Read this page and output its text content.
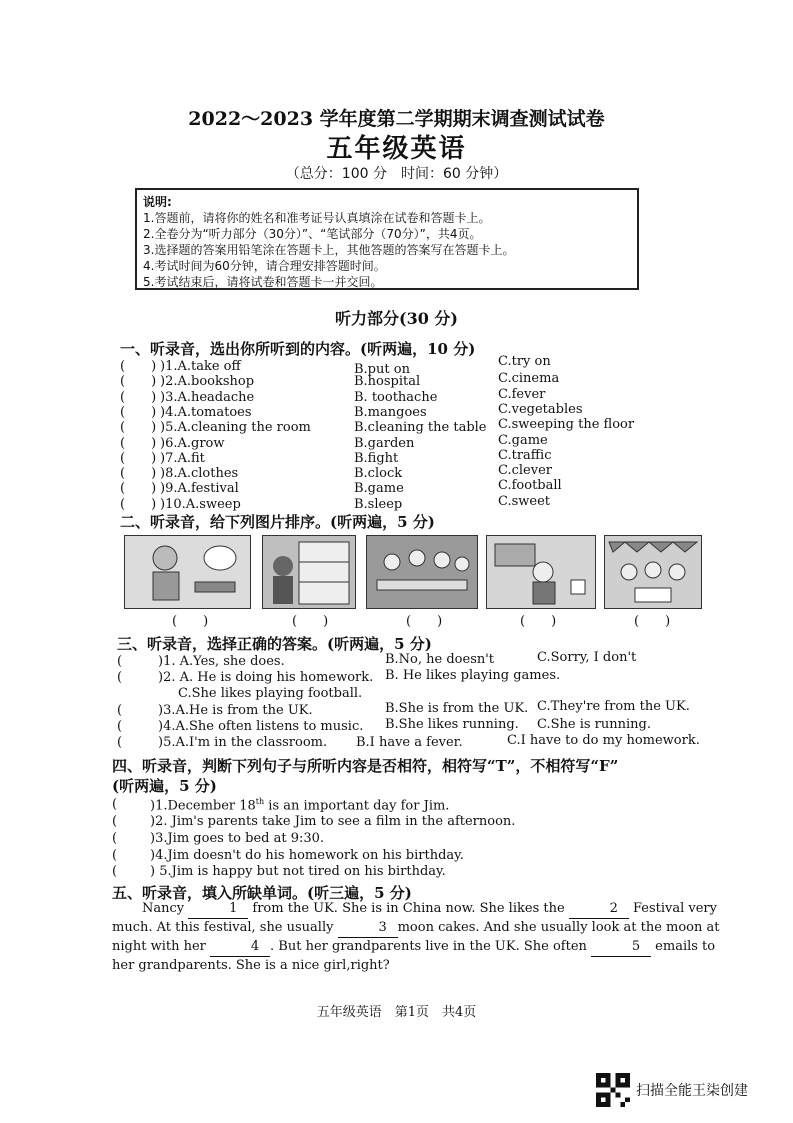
2022～2023 学年度第二学期期末调查测试试卷
五年级英语
（总分：100 分　时间：60 分钟）
说明:
1.答题前，请将你的姓名和准考证号认真填涂在试卷和答题卡上。
2.全卷分为“听力部分（30分）”、“笔试部分（70分）”，共4页。
3.选择题的答案用铅笔涂在答题卡上，其他答题的答案写在答题卡上。
4.考试时间为60分钟，请合理安排答题时间。
5.考试结束后，请将试卷和答题卡一并交回。
听力部分(30 分)
一、听录音，选出你所听到的内容。(听两遍，10 分)
(　　) )1.A.take off	B.put on
C.try on
(　　) )2.A.bookshop	B.hospital	C.cinema
(　　) )3.A.headache	B. toothache	C.fever
(　　) )4.A.tomatoes	B.mangoes	C.vegetables
(　　) )5.A.cleaning the room	B.cleaning the table C.sweeping the floor
(　　) )6.A.grow	B.garden	C.game
(　　) )7.A.fit	B.fight	C.traffic
(　　) )8.A.clothes	B.clock	C.clever
(　　) )9.A.festival	B.game	C.football
(　　) )10.A.sweep	B.sleep	C.sweet
二、听录音，给下列图片排序。(听两遍，5 分)
(　　)	(　　)	(　　)	(　　)	(　　)
三、听录音，选择正确的答案。(听两遍，5 分)
(	)1. A.Yes, she does.	B.No, he doesn't	C.Sorry, I don't
(	)2. A. He is doing his homework. B. He likes playing games.
C.She likes playing football.
(	)3.A.He is from the UK.	B.She is from the UK. C.They're from the UK.
(	)4.A.She often listens to music. B.She likes running. C.She is running.
(	)5.A.I'm in the classroom. B.I have a fever.	C.I have to do my homework.
四、听录音，判断下列句子与所听内容是否相符，相符写“T”，不相符写“F”
(听两遍，5 分)
(	)1.December 18th is an important day for Jim.
(	)2. Jim's parents take Jim to see a film in the afternoon.
(	)3.Jim goes to bed at 9:30.
(	)4.Jim doesn't do his homework on his birthday.
(	) 5.Jim is happy but not tired on his birthday.
五、听录音，填入所缺单词。(听三遍，5 分)

Nancy	1 from the UK. She is in China now. She likes the	2 Festival very much. At this festival, she usually	3 moon cakes. And she usually look at the moon at night with her	4 . But her grandparents live in the UK. She often	5 emails to her grandparents. She is a nice girl,right?

五年级英语　第1页　共4页
扫描全能王柒创建
